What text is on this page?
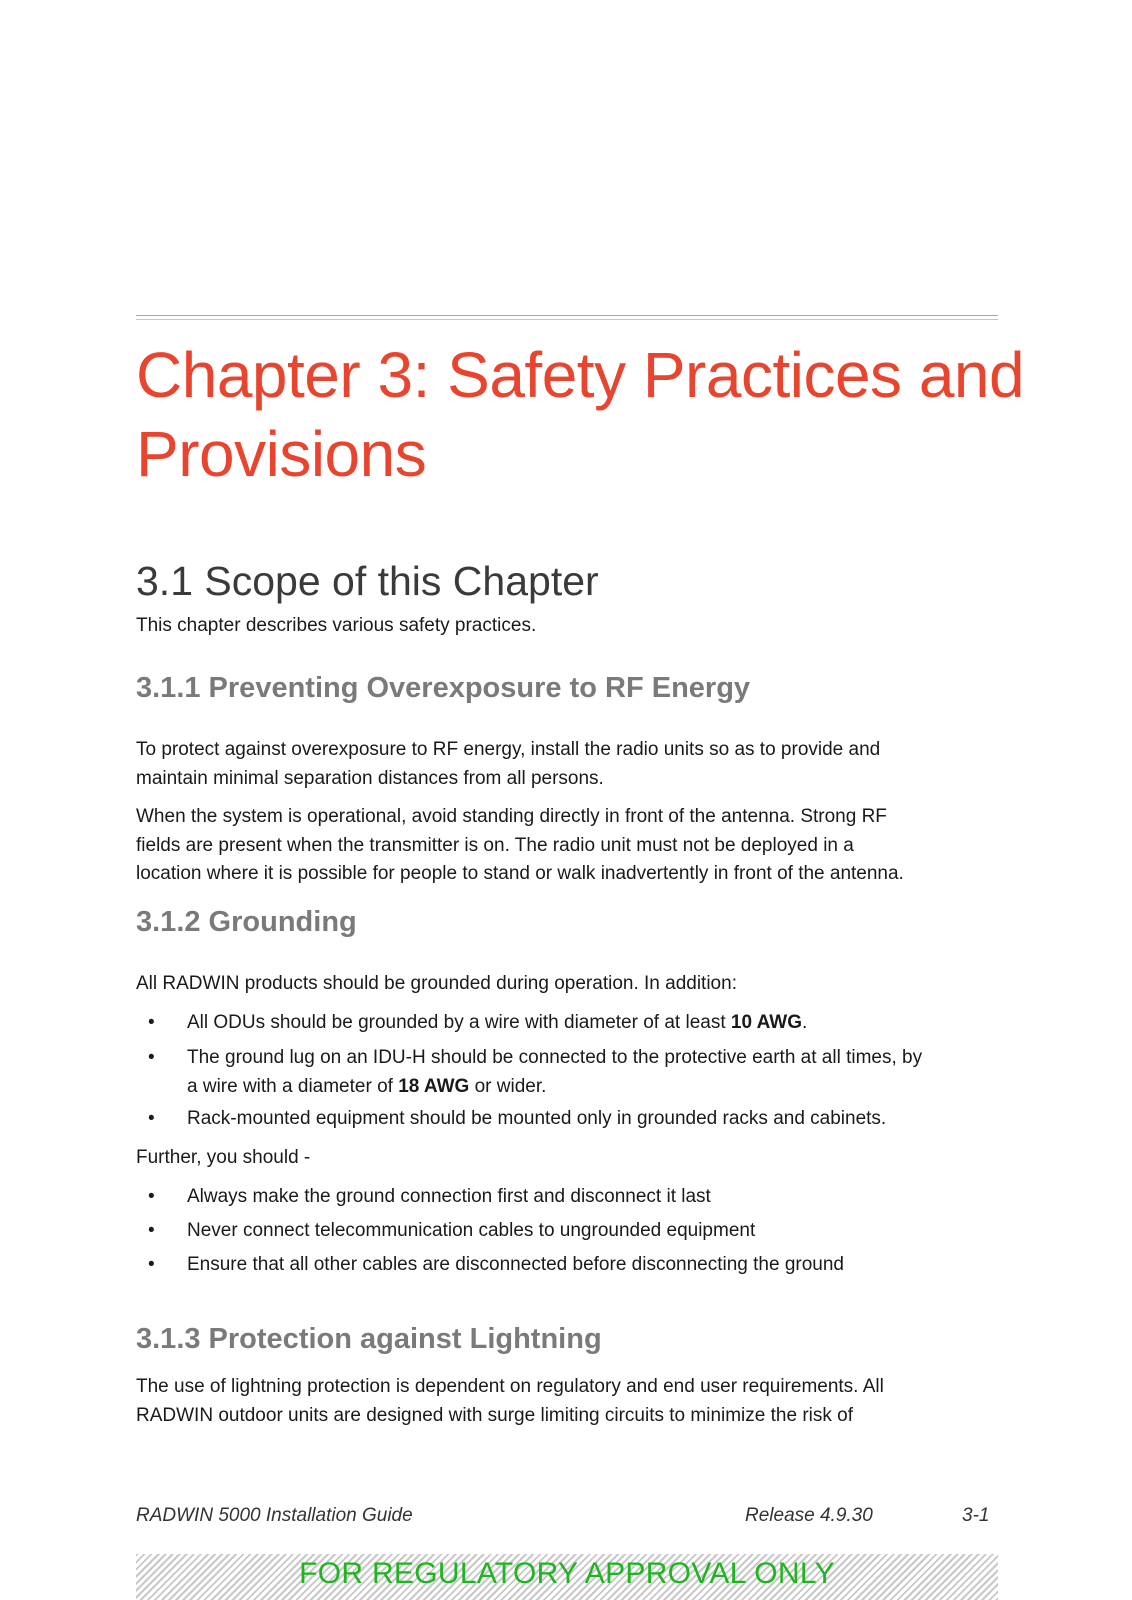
Chapter 3: Safety Practices and
Provisions
3.1 Scope of this Chapter

This chapter describes various safety practices.

3.1.1 Preventing Overexposure to RF Energy

To protect against overexposure to RF energy, install the radio units so as to provide and
maintain minimal separation distances from all persons.

When the system is operational, avoid standing directly in front of the antenna. Strong RF
fields are present when the transmitter is on. The radio unit must not be deployed in a
location where it is possible for people to stand or walk inadvertently in front of the antenna.

3.1.2 Grounding

All RADWIN products should be grounded during operation. In addition:

• All ODUs should be grounded by a wire with diameter of at least 10 AWG.
• The ground lug on an IDU-H should be connected to the protective earth at all times, by
a wire with a diameter of 18 AWG or wider.
• Rack-mounted equipment should be mounted only in grounded racks and cabinets.

Further, you should -

• Always make the ground connection first and disconnect it last
• Never connect telecommunication cables to ungrounded equipment
• Ensure that all other cables are disconnected before disconnecting the ground
3.1.3 Protection against Lightning

The use of lightning protection is dependent on regulatory and end user requirements. All
RADWIN outdoor units are designed with surge limiting circuits to minimize the risk of

RADWIN 5000 Installation Guide	Release 4.9.30	3-1
FOR REGULATORY APPROVAL ONLY
